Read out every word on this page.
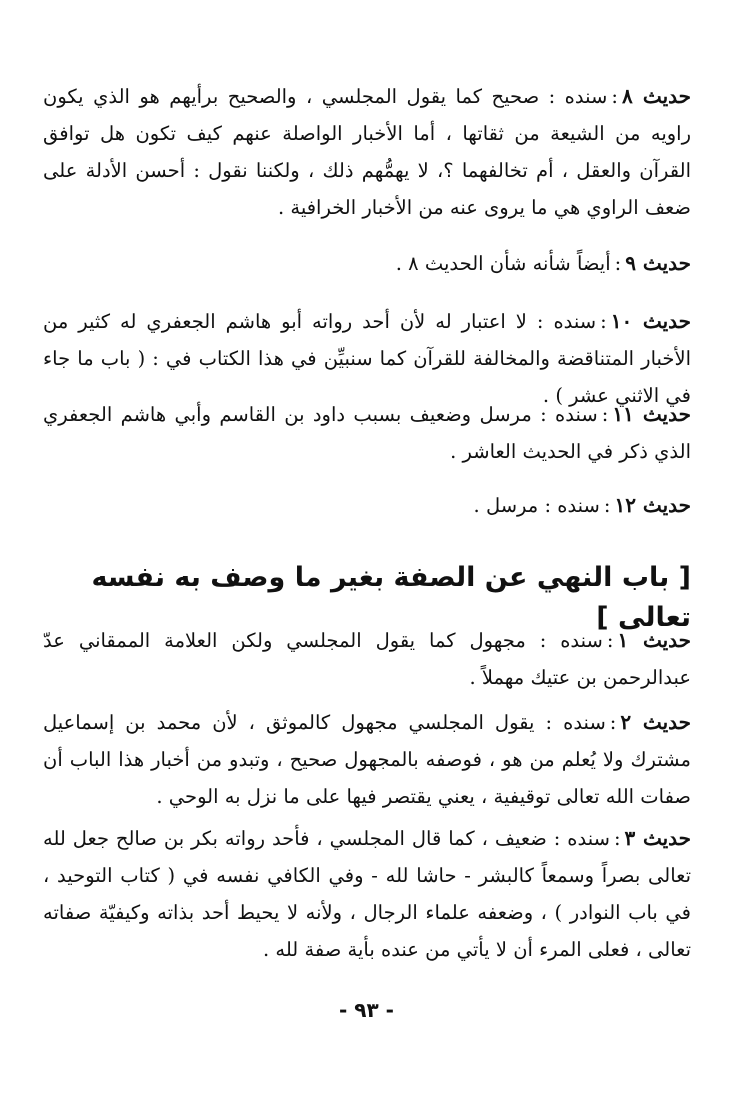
حديث ٨:سنده : صحيح كما يقول المجلسي ، والصحيح برأيهم هو الذي يكون راويه من الشيعة من ثقاتها ، أما الأخبار الواصلة عنهم كيف تكون هل توافق القرآن والعقل ، أم تخالفهما ؟، لا يهمُّهم ذلك ، ولكننا نقول : أحسن الأدلة على ضعف الراوي هي ما يروى عنه من الأخبار الخرافية .
حديث ٩:أيضاً شأنه شأن الحديث ٨ .
حديث ١٠:سنده : لا اعتبار له لأن أحد رواته أبو هاشم الجعفري له كثير من الأخبار المتناقضة والمخالفة للقرآن كما سنبيِّن في هذا الكتاب في : ( باب ما جاء في الاثني عشر ) .
حديث ١١:سنده : مرسل وضعيف بسبب داود بن القاسم وأبي هاشم الجعفري الذي ذكر في الحديث العاشر .
حديث ١٢:سنده : مرسل .
[ باب النهي عن الصفة بغير ما وصف به نفسه تعالى ]
حديث ١:سنده : مجهول كما يقول المجلسي ولكن العلامة الممقاني عدّ عبدالرحمن بن عتيك مهملاً .
حديث ٢:سنده : يقول المجلسي مجهول كالموثق ، لأن محمد بن إسماعيل مشترك ولا يُعلم من هو ، فوصفه بالمجهول صحيح ، وتبدو من أخبار هذا الباب أن صفات الله تعالى توقيفية ، يعني يقتصر فيها على ما نزل به الوحي .
حديث ٣:سنده : ضعيف ، كما قال المجلسي ، فأحد رواته بكر بن صالح جعل لله تعالى بصراً وسمعاً كالبشر - حاشا لله - وفي الكافي نفسه في ( كتاب التوحيد ، في باب النوادر ) ، وضعفه علماء الرجال ، ولأنه لا يحيط أحد بذاته وكيفيّة صفاته تعالى ، فعلى المرء أن لا يأتي من عنده بأية صفة لله .
- ٩٣ -
